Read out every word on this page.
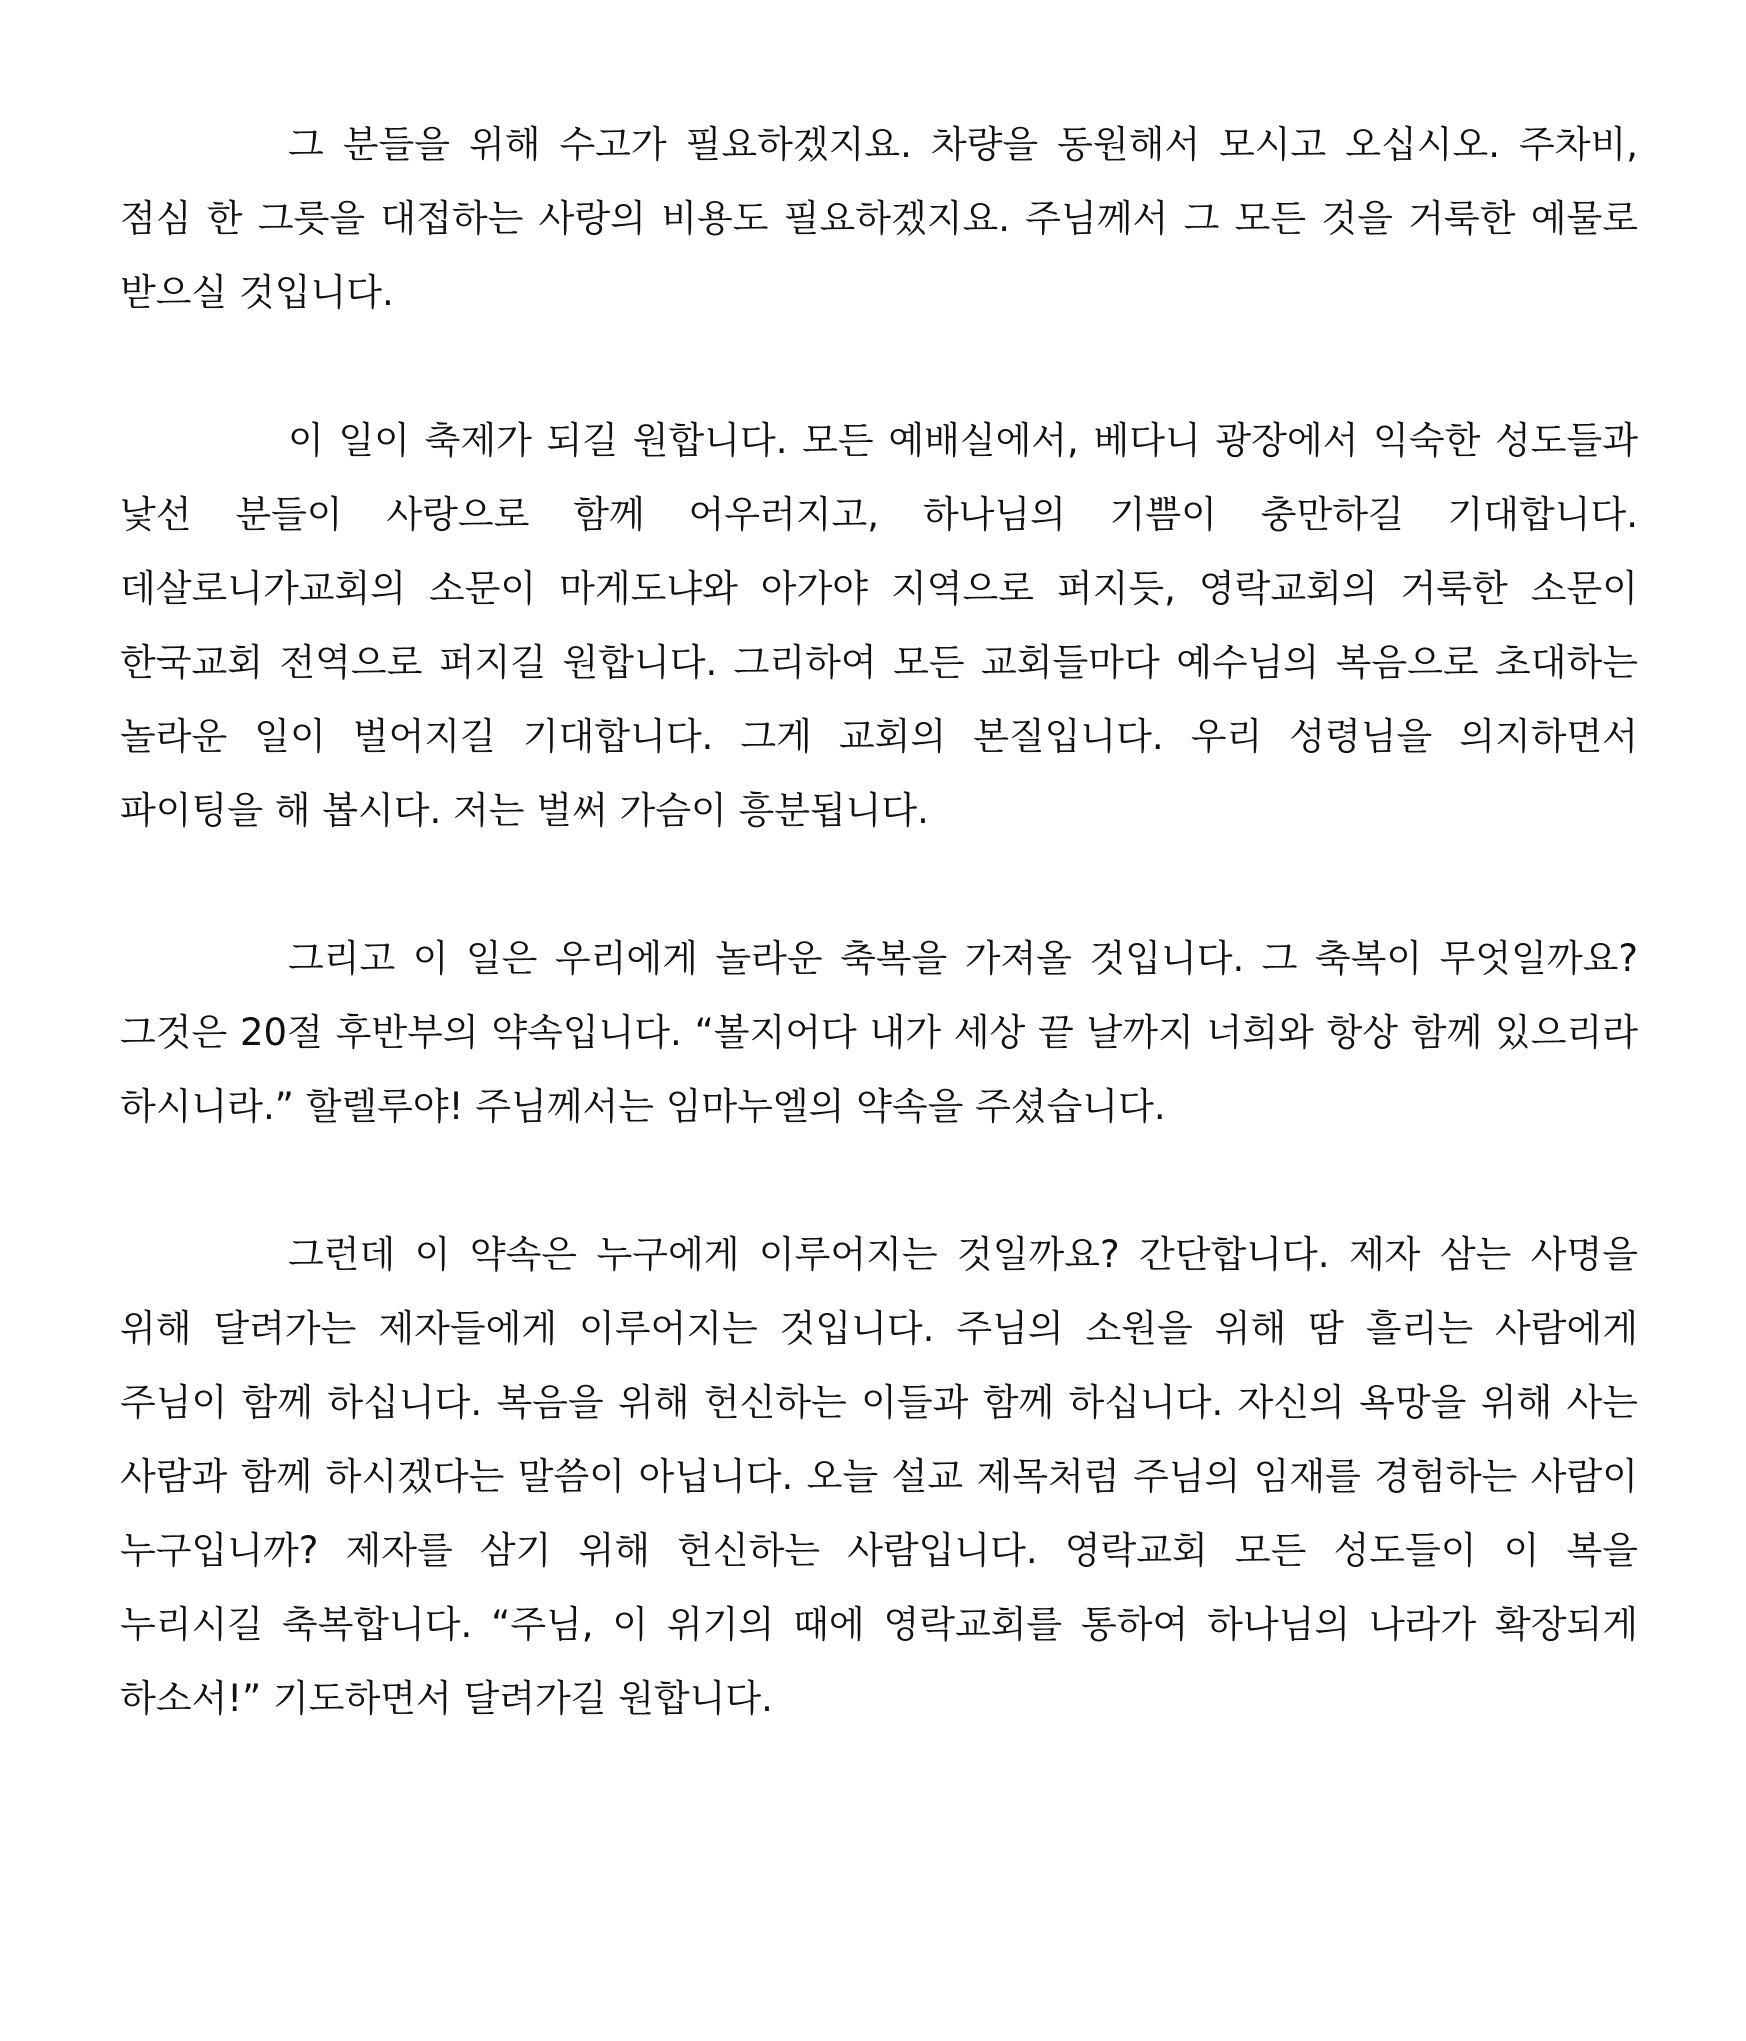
그 분들을 위해 수고가 필요하겠지요. 차량을 동원해서 모시고 오십시오. 주차비, 점심 한 그릇을 대접하는 사랑의 비용도 필요하겠지요. 주님께서 그 모든 것을 거룩한 예물로 받으실 것입니다.

이 일이 축제가 되길 원합니다. 모든 예배실에서, 베다니 광장에서 익숙한 성도들과 낯선 분들이 사랑으로 함께 어우러지고, 하나님의 기쁨이 충만하길 기대합니다. 데살로니가교회의 소문이 마게도냐와 아가야 지역으로 퍼지듯, 영락교회의 거룩한 소문이 한국교회 전역으로 퍼지길 원합니다. 그리하여 모든 교회들마다 예수님의 복음으로 초대하는 놀라운 일이 벌어지길 기대합니다. 그게 교회의 본질입니다. 우리 성령님을 의지하면서 파이팅을 해 봅시다. 저는 벌써 가슴이 흥분됩니다.

그리고 이 일은 우리에게 놀라운 축복을 가져올 것입니다. 그 축복이 무엇일까요? 그것은 20절 후반부의 약속입니다. “볼지어다 내가 세상 끝 날까지 너희와 항상 함께 있으리라 하시니라.” 할렐루야! 주님께서는 임마누엘의 약속을 주셨습니다.

그런데 이 약속은 누구에게 이루어지는 것일까요? 간단합니다. 제자 삼는 사명을 위해 달려가는 제자들에게 이루어지는 것입니다. 주님의 소원을 위해 땀 흘리는 사람에게 주님이 함께 하십니다. 복음을 위해 헌신하는 이들과 함께 하십니다. 자신의 욕망을 위해 사는 사람과 함께 하시겠다는 말씀이 아닙니다. 오늘 설교 제목처럼 주님의 임재를 경험하는 사람이 누구입니까? 제자를 삼기 위해 헌신하는 사람입니다. 영락교회 모든 성도들이 이 복을 누리시길 축복합니다. “주님, 이 위기의 때에 영락교회를 통하여 하나님의 나라가 확장되게 하소서!” 기도하면서 달려가길 원합니다.
